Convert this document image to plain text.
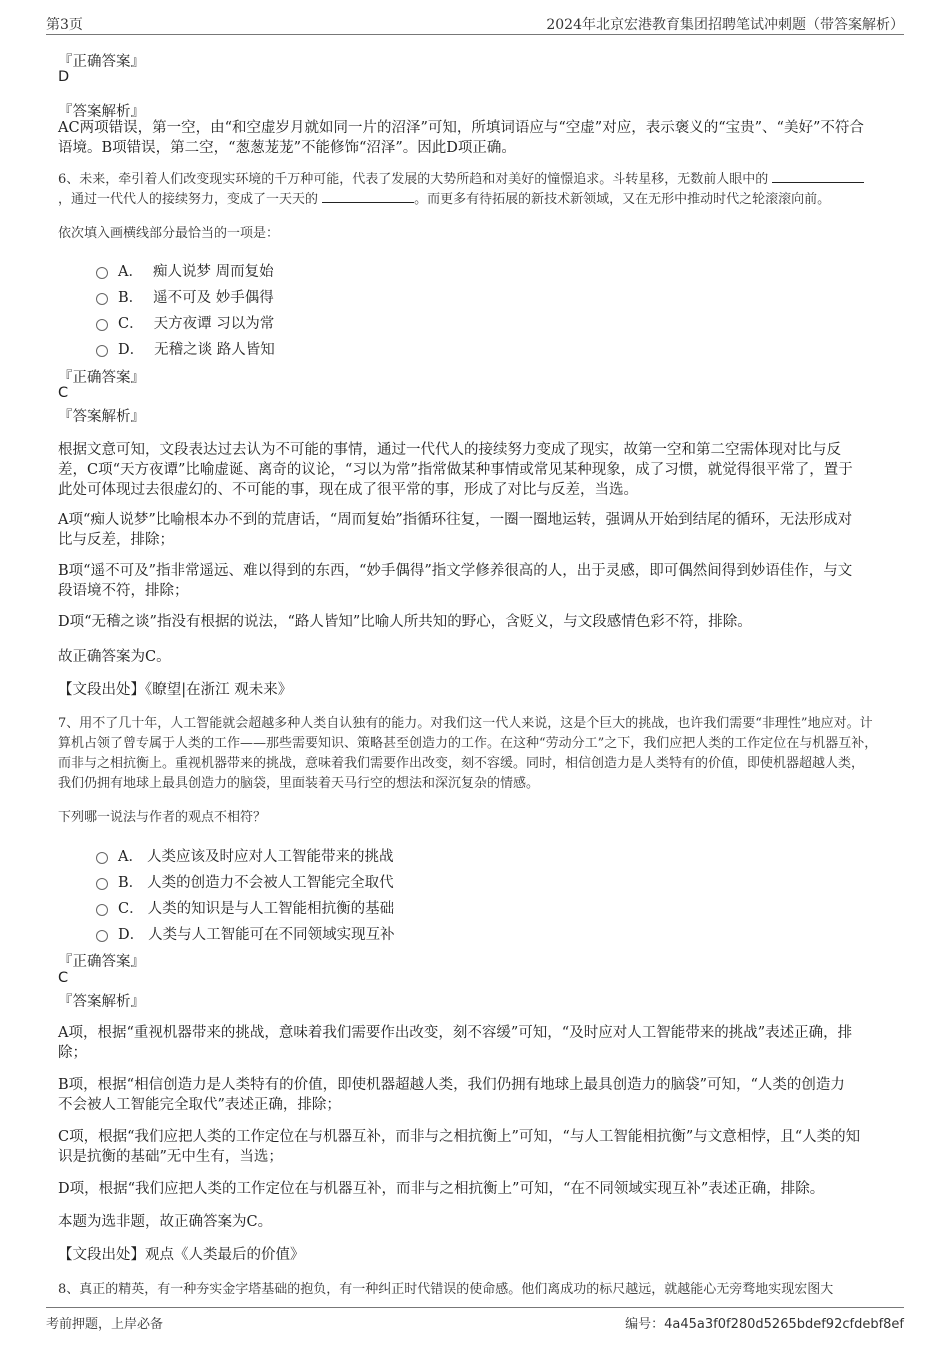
第3页	2024年北京宏港教育集团招聘笔试冲刺题（带答案解析）
『正确答案』
D
『答案解析』
AC两项错误，第一空，由“和空虚岁月就如同一片的沼泽”可知，所填词语应与“空虚”对应，表示褒义的“宝贵”、“美好”不符合
语境。B项错误，第二空，“葱葱茏茏”不能修饰“沼泽”。因此D项正确。
6、未来，牵引着人们改变现实环境的千万种可能，代表了发展的大势所趋和对美好的憧憬追求。斗转星移，无数前人眼中的
，通过一代代人的接续努力，变成了一天天的	。而更多有待拓展的新技术新领域，又在无形中推动时代之轮滚滚向前。
依次填入画横线部分最恰当的一项是：
A． 痴人说梦 周而复始
B． 遥不可及 妙手偶得
C． 天方夜谭 习以为常
D． 无稽之谈 路人皆知
『正确答案』
C
『答案解析』
根据文意可知，文段表达过去认为不可能的事情，通过一代代人的接续努力变成了现实，故第一空和第二空需体现对比与反
差，C项“天方夜谭”比喻虚诞、离奇的议论，“习以为常”指常做某种事情或常见某种现象，成了习惯，就觉得很平常了，置于
此处可体现过去很虚幻的、不可能的事，现在成了很平常的事，形成了对比与反差，当选。
A项“痴人说梦”比喻根本办不到的荒唐话，“周而复始”指循环往复，一圈一圈地运转，强调从开始到结尾的循环，无法形成对
比与反差，排除；
B项“遥不可及”指非常遥远、难以得到的东西，“妙手偶得”指文学修养很高的人，出于灵感，即可偶然间得到妙语佳作，与文
段语境不符，排除；
D项“无稽之谈”指没有根据的说法，“路人皆知”比喻人所共知的野心，含贬义，与文段感情色彩不符，排除。
故正确答案为C。
【文段出处】《瞭望|在浙江 观未来》
7、用不了几十年，人工智能就会超越多种人类自认独有的能力。对我们这一代人来说，这是个巨大的挑战，也许我们需要“非理性”地应对。计
算机占领了曾专属于人类的工作——那些需要知识、策略甚至创造力的工作。在这种“劳动分工”之下，我们应把人类的工作定位在与机器互补，
而非与之相抗衡上。重视机器带来的挑战，意味着我们需要作出改变，刻不容缓。同时，相信创造力是人类特有的价值，即使机器超越人类，
我们仍拥有地球上最具创造力的脑袋，里面装着天马行空的想法和深沉复杂的情感。
下列哪一说法与作者的观点不相符？
A． 人类应该及时应对人工智能带来的挑战
B． 人类的创造力不会被人工智能完全取代
C． 人类的知识是与人工智能相抗衡的基础
D． 人类与人工智能可在不同领域实现互补
『正确答案』
C
『答案解析』
A项，根据“重视机器带来的挑战，意味着我们需要作出改变，刻不容缓”可知，“及时应对人工智能带来的挑战”表述正确，排
除；
B项，根据“相信创造力是人类特有的价值，即使机器超越人类，我们仍拥有地球上最具创造力的脑袋”可知，“人类的创造力
不会被人工智能完全取代”表述正确，排除；
C项，根据“我们应把人类的工作定位在与机器互补，而非与之相抗衡上”可知，“与人工智能相抗衡”与文意相悖，且“人类的知
识是抗衡的基础”无中生有，当选；
D项，根据“我们应把人类的工作定位在与机器互补，而非与之相抗衡上”可知，“在不同领域实现互补”表述正确，排除。
本题为选非题，故正确答案为C。
【文段出处】观点《人类最后的价值》
8、真正的精英，有一种夯实金字塔基础的抱负，有一种纠正时代错误的使命感。他们离成功的标尺越远，就越能心无旁骛地实现宏图大
考前押题，上岸必备	编号：4a45a3f0f280d5265bdef92cfdebf8ef
